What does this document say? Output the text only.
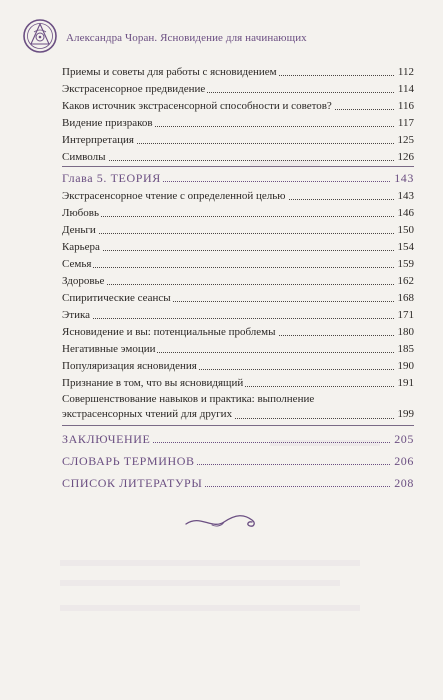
Александра Чоран. Ясновидение для начинающих
Приемы и советы для работы с ясновидением	112
Экстрасенсорное предвидение	114
Каков источник экстрасенсорной способности и советов?	116
Видение призраков	117
Интерпретация	125
Символы	126
Глава 5. ТЕОРИЯ	143
Экстрасенсорное чтение с определенной целью	143
Любовь	146
Деньги	150
Карьера	154
Семья	159
Здоровье	162
Спиритические сеансы	168
Этика	171
Ясновидение и вы: потенциальные проблемы	180
Негативные эмоции	185
Популяризация ясновидения	190
Признание в том, что вы ясновидящий	191
Совершенствование навыков и практика: выполнение
экстрасенсорных чтений для других	199
ЗАКЛЮЧЕНИЕ	205
СЛОВАРЬ ТЕРМИНОВ	206
СПИСОК ЛИТЕРАТУРЫ	208
